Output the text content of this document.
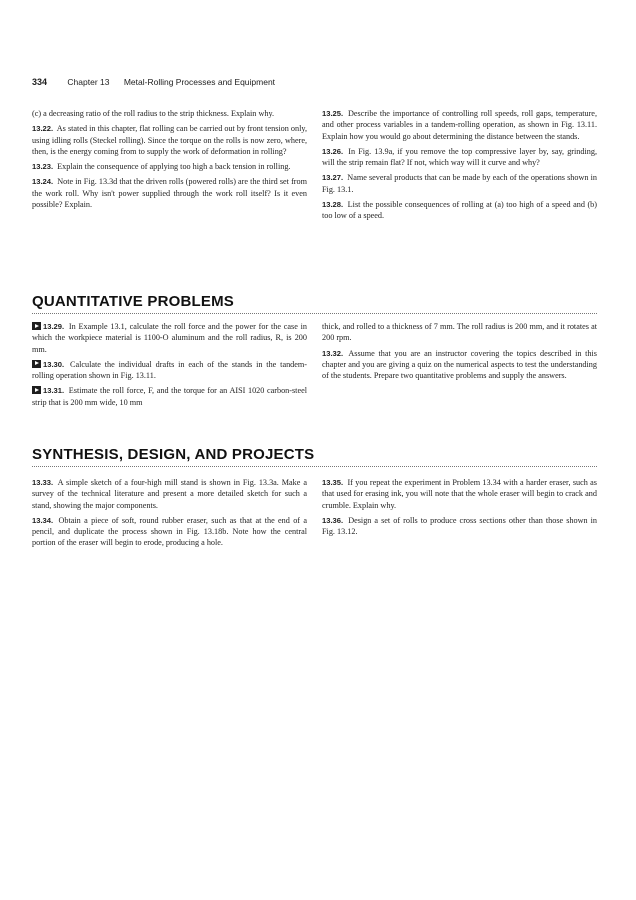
334 Chapter 13 Metal-Rolling Processes and Equipment

(c) a decreasing ratio of the roll radius to the strip thickness. Explain why.

13.22. As stated in this chapter, flat rolling can be carried out by front tension only, using idling rolls (Steckel rolling). Since the torque on the rolls is now zero, where, then, is the energy coming from to supply the work of deformation in rolling?

13.23. Explain the consequence of applying too high a back tension in rolling.

13.24. Note in Fig. 13.3d that the driven rolls (powered rolls) are the third set from the work roll. Why isn't power supplied through the work roll itself? Is it even possible? Explain.

13.25. Describe the importance of controlling roll speeds, roll gaps, temperature, and other process variables in a tandem-rolling operation, as shown in Fig. 13.11. Explain how you would go about determining the distance between the stands.

13.26. In Fig. 13.9a, if you remove the top compressive layer by, say, grinding, will the strip remain flat? If not, which way will it curve and why?

13.27. Name several products that can be made by each of the operations shown in Fig. 13.1.

13.28. List the possible consequences of rolling at (a) too high of a speed and (b) too low of a speed.

QUANTITATIVE PROBLEMS

13.29. In Example 13.1, calculate the roll force and the power for the case in which the workpiece material is 1100-O aluminum and the roll radius, R, is 200 mm.

13.30. Calculate the individual drafts in each of the stands in the tandem-rolling operation shown in Fig. 13.11.

13.31. Estimate the roll force, F, and the torque for an AISI 1020 carbon-steel strip that is 200 mm wide, 10 mm

thick, and rolled to a thickness of 7 mm. The roll radius is 200 mm, and it rotates at 200 rpm.

13.32. Assume that you are an instructor covering the topics described in this chapter and you are giving a quiz on the numerical aspects to test the understanding of the students. Prepare two quantitative problems and supply the answers.

SYNTHESIS, DESIGN, AND PROJECTS

13.33. A simple sketch of a four-high mill stand is shown in Fig. 13.3a. Make a survey of the technical literature and present a more detailed sketch for such a stand, showing the major components.

13.34. Obtain a piece of soft, round rubber eraser, such as that at the end of a pencil, and duplicate the process shown in Fig. 13.18b. Note how the central portion of the eraser will begin to erode, producing a hole.

13.35. If you repeat the experiment in Problem 13.34 with a harder eraser, such as that used for erasing ink, you will note that the whole eraser will begin to crack and crumble. Explain why.

13.36. Design a set of rolls to produce cross sections other than those shown in Fig. 13.12.
